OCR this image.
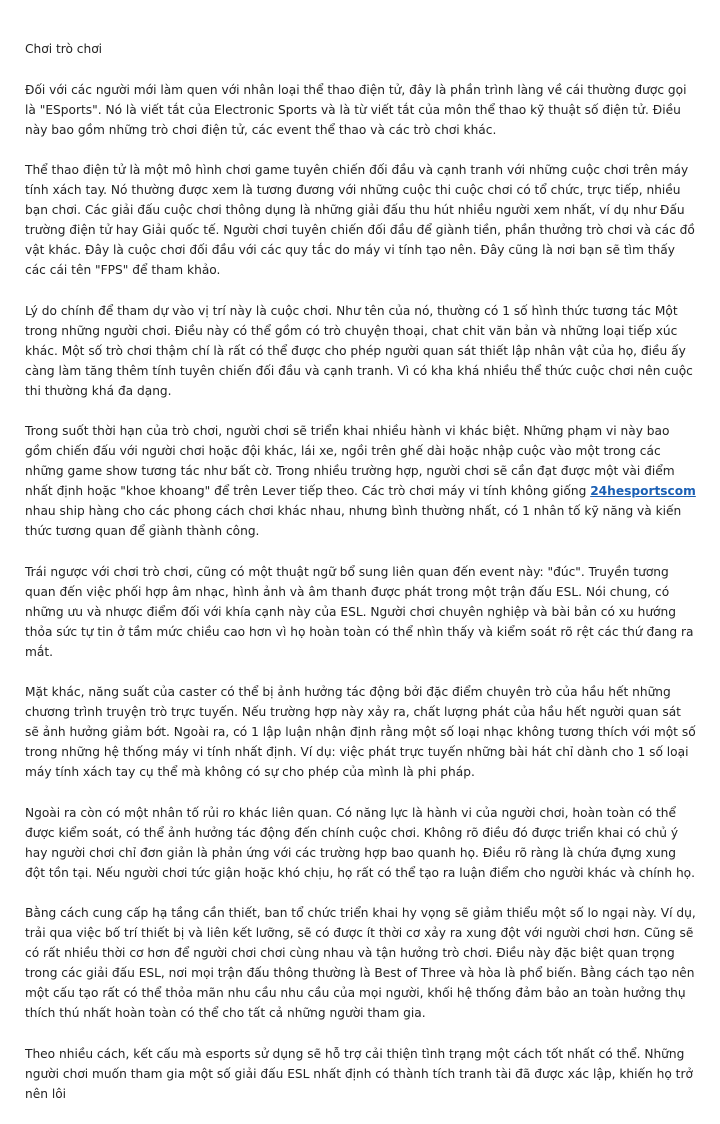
Chơi trò chơi

Đối với các người mới làm quen với nhân loại thể thao điện tử, đây là phần trình làng về cái thường được gọi là "ESports". Nó là viết tắt của Electronic Sports và là từ viết tắt của môn thể thao kỹ thuật số điện tử. Điều này bao gồm những trò chơi điện tử, các event thể thao và các trò chơi khác.

Thể thao điện tử là một mô hình chơi game tuyên chiến đối đầu và cạnh tranh với những cuộc chơi trên máy tính xách tay. Nó thường được xem là tương đương với những cuộc thi cuộc chơi có tổ chức, trực tiếp, nhiều bạn chơi. Các giải đấu cuộc chơi thông dụng là những giải đấu thu hút nhiều người xem nhất, ví dụ như Đấu trường điện tử hay Giải quốc tế. Người chơi tuyên chiến đối đầu để giành tiền, phần thưởng trò chơi và các đồ vật khác. Đây là cuộc chơi đối đầu với các quy tắc do máy vi tính tạo nên. Đây cũng là nơi bạn sẽ tìm thấy các cái tên "FPS" để tham khảo.

Lý do chính để tham dự vào vị trí này là cuộc chơi. Như tên của nó, thường có 1 số hình thức tương tác Một trong những người chơi. Điều này có thể gồm có trò chuyện thoại, chat chit văn bản và những loại tiếp xúc khác. Một số trò chơi thậm chí là rất có thể được cho phép người quan sát thiết lập nhân vật của họ, điều ấy càng làm tăng thêm tính tuyên chiến đối đầu và cạnh tranh. Vì có kha khá nhiều thể thức cuộc chơi nên cuộc thi thường khá đa dạng.

Trong suốt thời hạn của trò chơi, người chơi sẽ triển khai nhiều hành vi khác biệt. Những phạm vi này bao gồm chiến đấu với người chơi hoặc đội khác, lái xe, ngồi trên ghế dài hoặc nhập cuộc vào một trong các những game show tương tác như bất cờ. Trong nhiều trường hợp, người chơi sẽ cần đạt được một vài điểm nhất định hoặc "khoe khoang" để trên Lever tiếp theo. Các trò chơi máy vi tính không giống 24hesportscom nhau ship hàng cho các phong cách chơi khác nhau, nhưng bình thường nhất, có 1 nhân tố kỹ năng và kiến thức tương quan để giành thành công.

Trái ngược với chơi trò chơi, cũng có một thuật ngữ bổ sung liên quan đến event này: "đúc". Truyền tương quan đến việc phối hợp âm nhạc, hình ảnh và âm thanh được phát trong một trận đấu ESL. Nói chung, có những ưu và nhược điểm đối với khía cạnh này của ESL. Người chơi chuyên nghiệp và bài bản có xu hướng thỏa sức tự tin ở tầm mức chiều cao hơn vì họ hoàn toàn có thể nhìn thấy và kiểm soát rõ rệt các thứ đang ra mắt.

Mặt khác, năng suất của caster có thể bị ảnh hưởng tác động bởi đặc điểm chuyên trò của hầu hết những chương trình truyện trò trực tuyến. Nếu trường hợp này xảy ra, chất lượng phát của hầu hết người quan sát sẽ ảnh hưởng giảm bớt. Ngoài ra, có 1 lập luận nhận định rằng một số loại nhạc không tương thích với một số trong những hệ thống máy vi tính nhất định. Ví dụ: việc phát trực tuyến những bài hát chỉ dành cho 1 số loại máy tính xách tay cụ thể mà không có sự cho phép của mình là phi pháp.

Ngoài ra còn có một nhân tố rủi ro khác liên quan. Có năng lực là hành vi của người chơi, hoàn toàn có thể được kiểm soát, có thể ảnh hưởng tác động đến chính cuộc chơi. Không rõ điều đó được triển khai có chủ ý hay người chơi chỉ đơn giản là phản ứng với các trường hợp bao quanh họ. Điều rõ ràng là chứa đựng xung đột tồn tại. Nếu người chơi tức giận hoặc khó chịu, họ rất có thể tạo ra luận điểm cho người khác và chính họ.

Bằng cách cung cấp hạ tầng cần thiết, ban tổ chức triển khai hy vọng sẽ giảm thiểu một số lo ngại này. Ví dụ, trải qua việc bố trí thiết bị và liên kết lưỡng, sẽ có được ít thời cơ xảy ra xung đột với người chơi hơn. Cũng sẽ có rất nhiều thời cơ hơn để người chơi chơi cùng nhau và tận hưởng trò chơi. Điều này đặc biệt quan trọng trong các giải đấu ESL, nơi mọi trận đấu thông thường là Best of Three và hòa là phổ biến. Bằng cách tạo nên một cấu tạo rất có thể thỏa mãn nhu cầu nhu cầu của mọi người, khối hệ thống đảm bảo an toàn hưởng thụ thích thú nhất hoàn toàn có thể cho tất cả những người tham gia.

Theo nhiều cách, kết cấu mà esports sử dụng sẽ hỗ trợ cải thiện tình trạng một cách tốt nhất có thể. Những người chơi muốn tham gia một số giải đấu ESL nhất định có thành tích tranh tài đã được xác lập, khiến họ trở nên lôi
